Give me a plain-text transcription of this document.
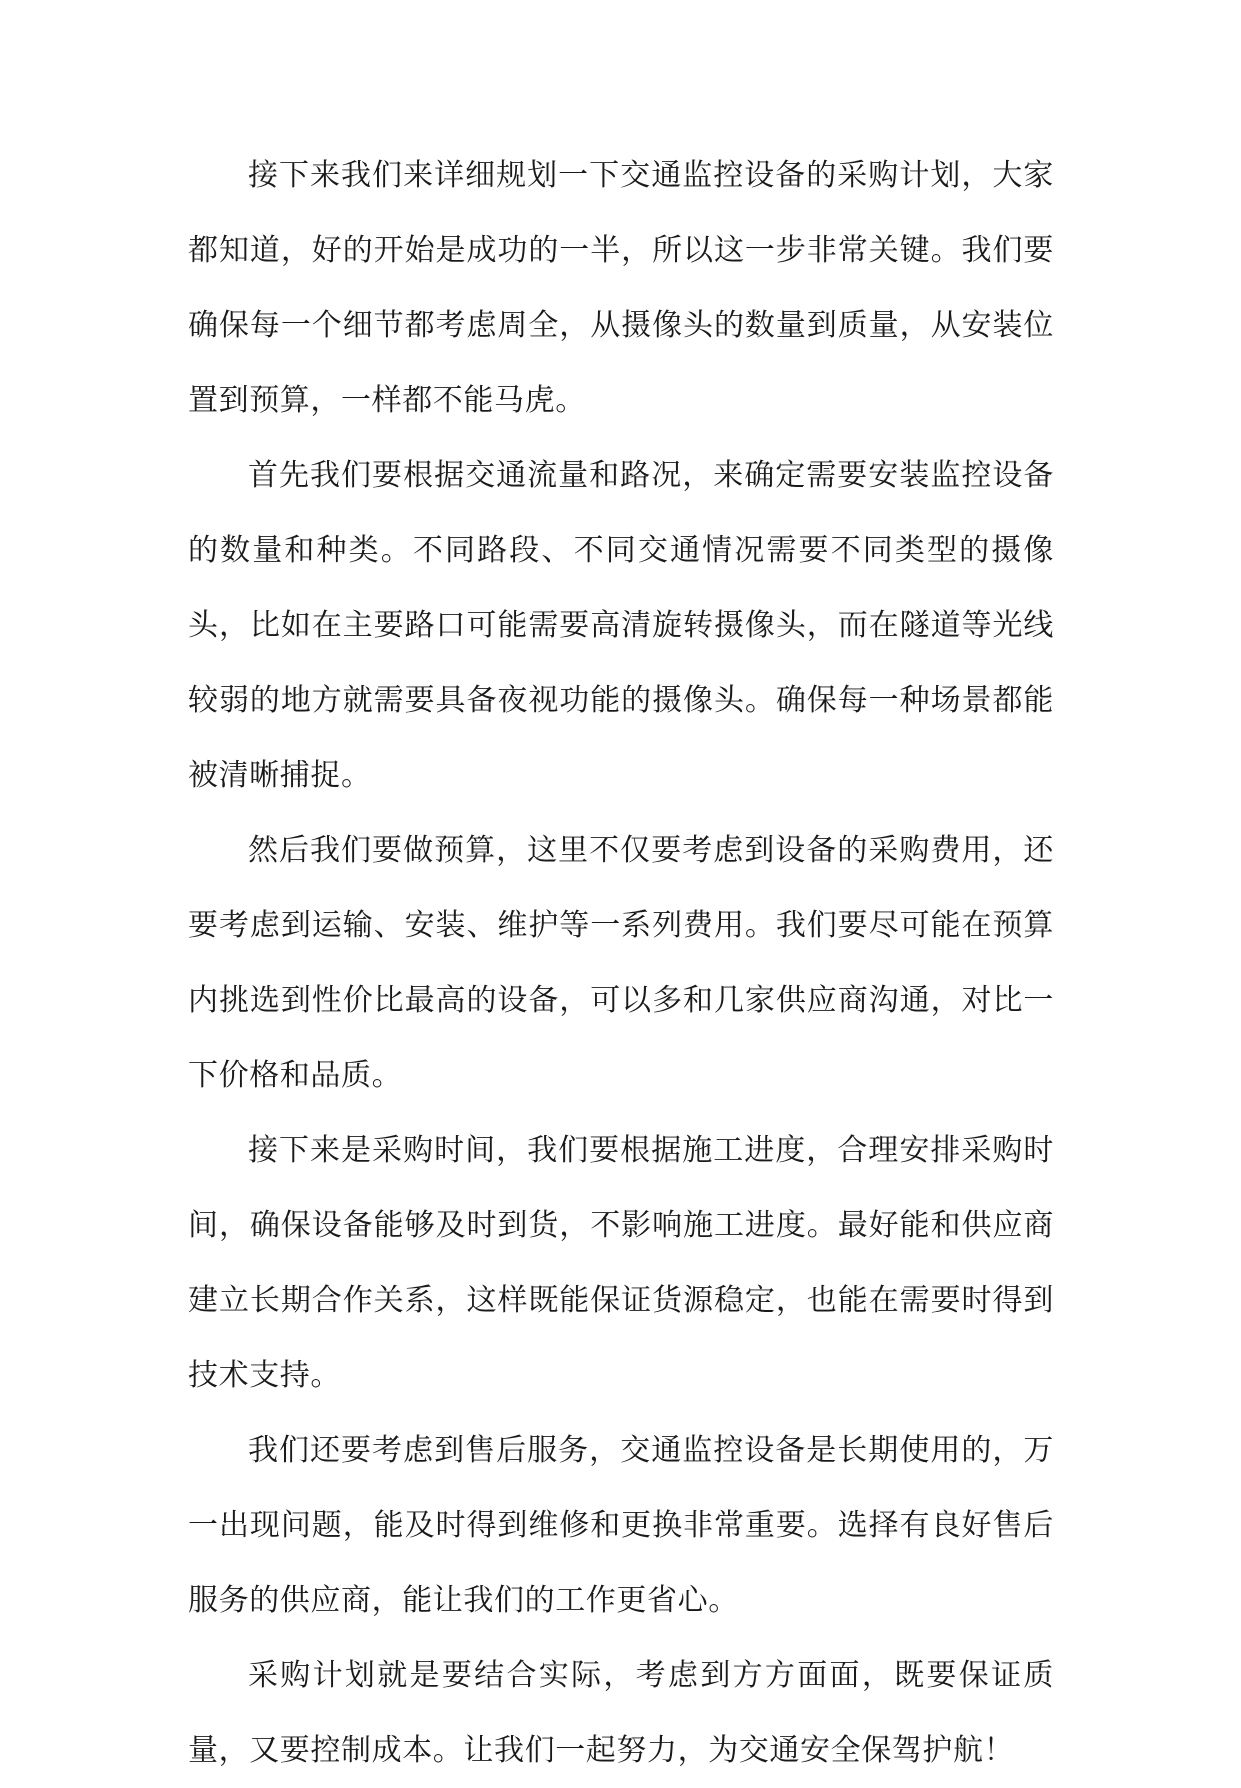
接下来我们来详细规划一下交通监控设备的采购计划，大家都知道，好的开始是成功的一半，所以这一步非常关键。我们要确保每一个细节都考虑周全，从摄像头的数量到质量，从安装位置到预算，一样都不能马虎。

首先我们要根据交通流量和路况，来确定需要安装监控设备的数量和种类。不同路段、不同交通情况需要不同类型的摄像头，比如在主要路口可能需要高清旋转摄像头，而在隧道等光线较弱的地方就需要具备夜视功能的摄像头。确保每一种场景都能被清晰捕捉。

然后我们要做预算，这里不仅要考虑到设备的采购费用，还要考虑到运输、安装、维护等一系列费用。我们要尽可能在预算内挑选到性价比最高的设备，可以多和几家供应商沟通，对比一下价格和品质。

接下来是采购时间，我们要根据施工进度，合理安排采购时间，确保设备能够及时到货，不影响施工进度。最好能和供应商建立长期合作关系，这样既能保证货源稳定，也能在需要时得到技术支持。

我们还要考虑到售后服务，交通监控设备是长期使用的，万一出现问题，能及时得到维修和更换非常重要。选择有良好售后服务的供应商，能让我们的工作更省心。

采购计划就是要结合实际，考虑到方方面面，既要保证质量，又要控制成本。让我们一起努力，为交通安全保驾护航！
